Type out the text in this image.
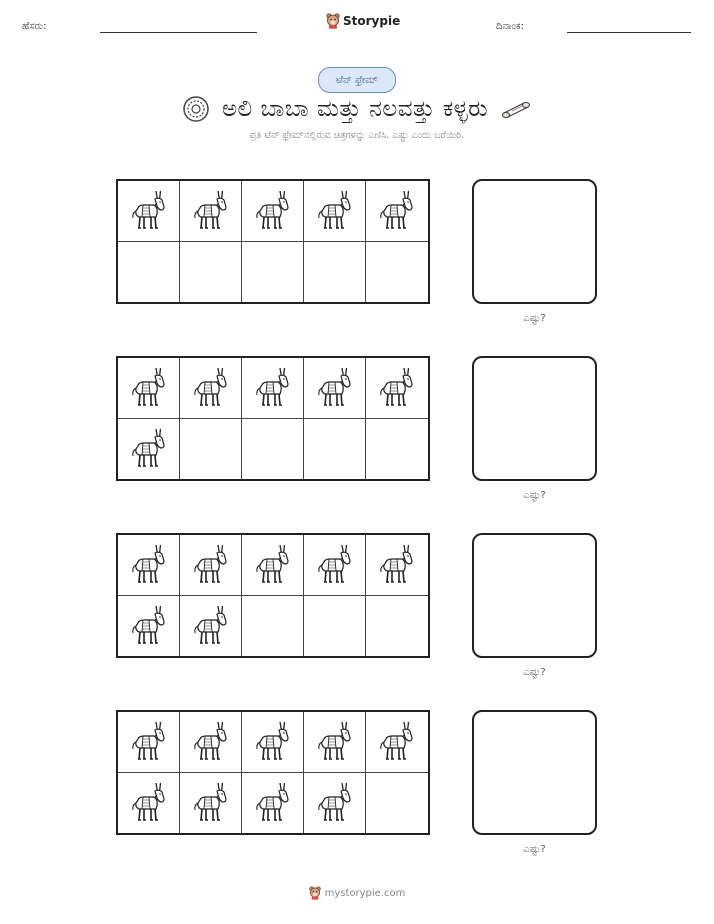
ಹೆಸರು:	Storypie	ದಿನಾಂಕ:
ಟೆನ್ ಫ್ರೇಮ್
ಅಲಿ ಬಾಬಾ ಮತ್ತು ನಲವತ್ತು ಕಳ್ಳರು
ಪ್ರತಿ ಟೆನ್ ಫ್ರೇಮ್‌ನಲ್ಲಿರುವ ಚಿತ್ರಗಳನ್ನು ಎಣಿಸಿ. ಎಷ್ಟು ಎಂದು ಬರೆಯಿರಿ.
ಎಷ್ಟು?
ಎಷ್ಟು?
ಎಷ್ಟು?
ಎಷ್ಟು?
mystorypie.com
